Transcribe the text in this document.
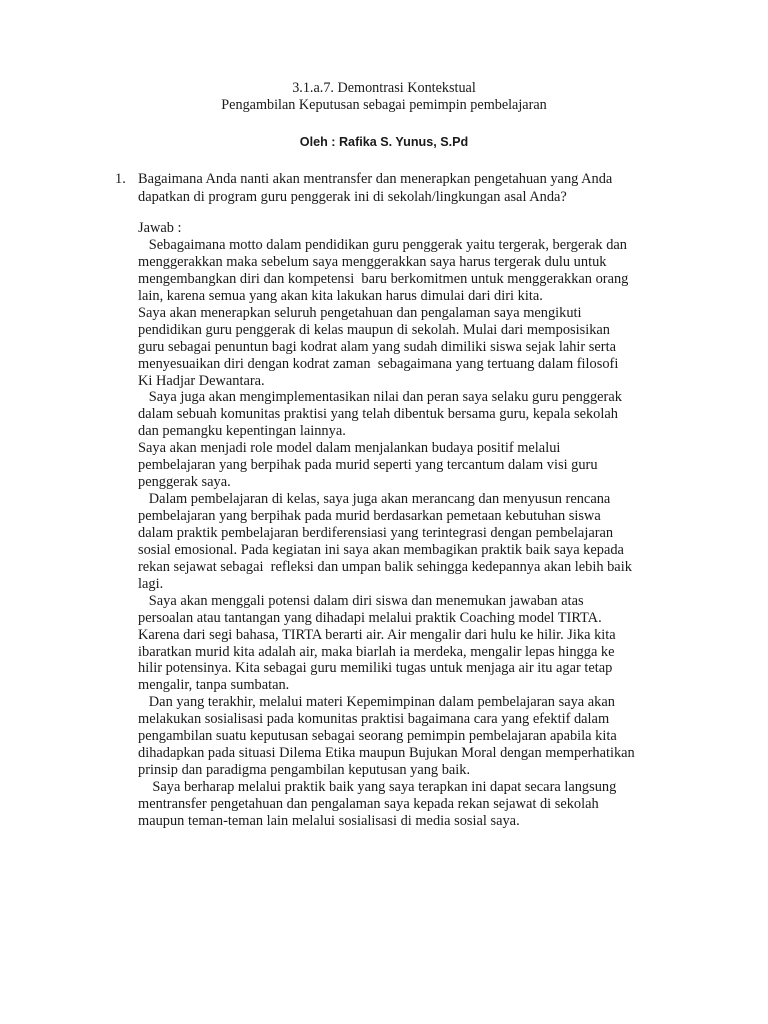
3.1.a.7. Demontrasi Kontekstual
Pengambilan Keputusan sebagai pemimpin pembelajaran
Oleh : Rafika S. Yunus, S.Pd
1. Bagaimana Anda nanti akan mentransfer dan menerapkan pengetahuan yang Anda
dapatkan di program guru penggerak ini di sekolah/lingkungan asal Anda?
Jawab :
Sebagaimana motto dalam pendidikan guru penggerak yaitu tergerak, bergerak dan
menggerakkan maka sebelum saya menggerakkan saya harus tergerak dulu untuk
mengembangkan diri dan kompetensi  baru berkomitmen untuk menggerakkan orang
lain, karena semua yang akan kita lakukan harus dimulai dari diri kita.
Saya akan menerapkan seluruh pengetahuan dan pengalaman saya mengikuti
pendidikan guru penggerak di kelas maupun di sekolah. Mulai dari memposisikan
guru sebagai penuntun bagi kodrat alam yang sudah dimiliki siswa sejak lahir serta
menyesuaikan diri dengan kodrat zaman  sebagaimana yang tertuang dalam filosofi
Ki Hadjar Dewantara.
Saya juga akan mengimplementasikan nilai dan peran saya selaku guru penggerak
dalam sebuah komunitas praktisi yang telah dibentuk bersama guru, kepala sekolah
dan pemangku kepentingan lainnya.
Saya akan menjadi role model dalam menjalankan budaya positif melalui
pembelajaran yang berpihak pada murid seperti yang tercantum dalam visi guru
penggerak saya.
Dalam pembelajaran di kelas, saya juga akan merancang dan menyusun rencana
pembelajaran yang berpihak pada murid berdasarkan pemetaan kebutuhan siswa
dalam praktik pembelajaran berdiferensiasi yang terintegrasi dengan pembelajaran
sosial emosional. Pada kegiatan ini saya akan membagikan praktik baik saya kepada
rekan sejawat sebagai  refleksi dan umpan balik sehingga kedepannya akan lebih baik
lagi.
Saya akan menggali potensi dalam diri siswa dan menemukan jawaban atas
persoalan atau tantangan yang dihadapi melalui praktik Coaching model TIRTA.
Karena dari segi bahasa, TIRTA berarti air. Air mengalir dari hulu ke hilir. Jika kita
ibaratkan murid kita adalah air, maka biarlah ia merdeka, mengalir lepas hingga ke
hilir potensinya. Kita sebagai guru memiliki tugas untuk menjaga air itu agar tetap
mengalir, tanpa sumbatan.
Dan yang terakhir, melalui materi Kepemimpinan dalam pembelajaran saya akan
melakukan sosialisasi pada komunitas praktisi bagaimana cara yang efektif dalam
pengambilan suatu keputusan sebagai seorang pemimpin pembelajaran apabila kita
dihadapkan pada situasi Dilema Etika maupun Bujukan Moral dengan memperhatikan
prinsip dan paradigma pengambilan keputusan yang baik.
Saya berharap melalui praktik baik yang saya terapkan ini dapat secara langsung
mentransfer pengetahuan dan pengalaman saya kepada rekan sejawat di sekolah
maupun teman-teman lain melalui sosialisasi di media sosial saya.
